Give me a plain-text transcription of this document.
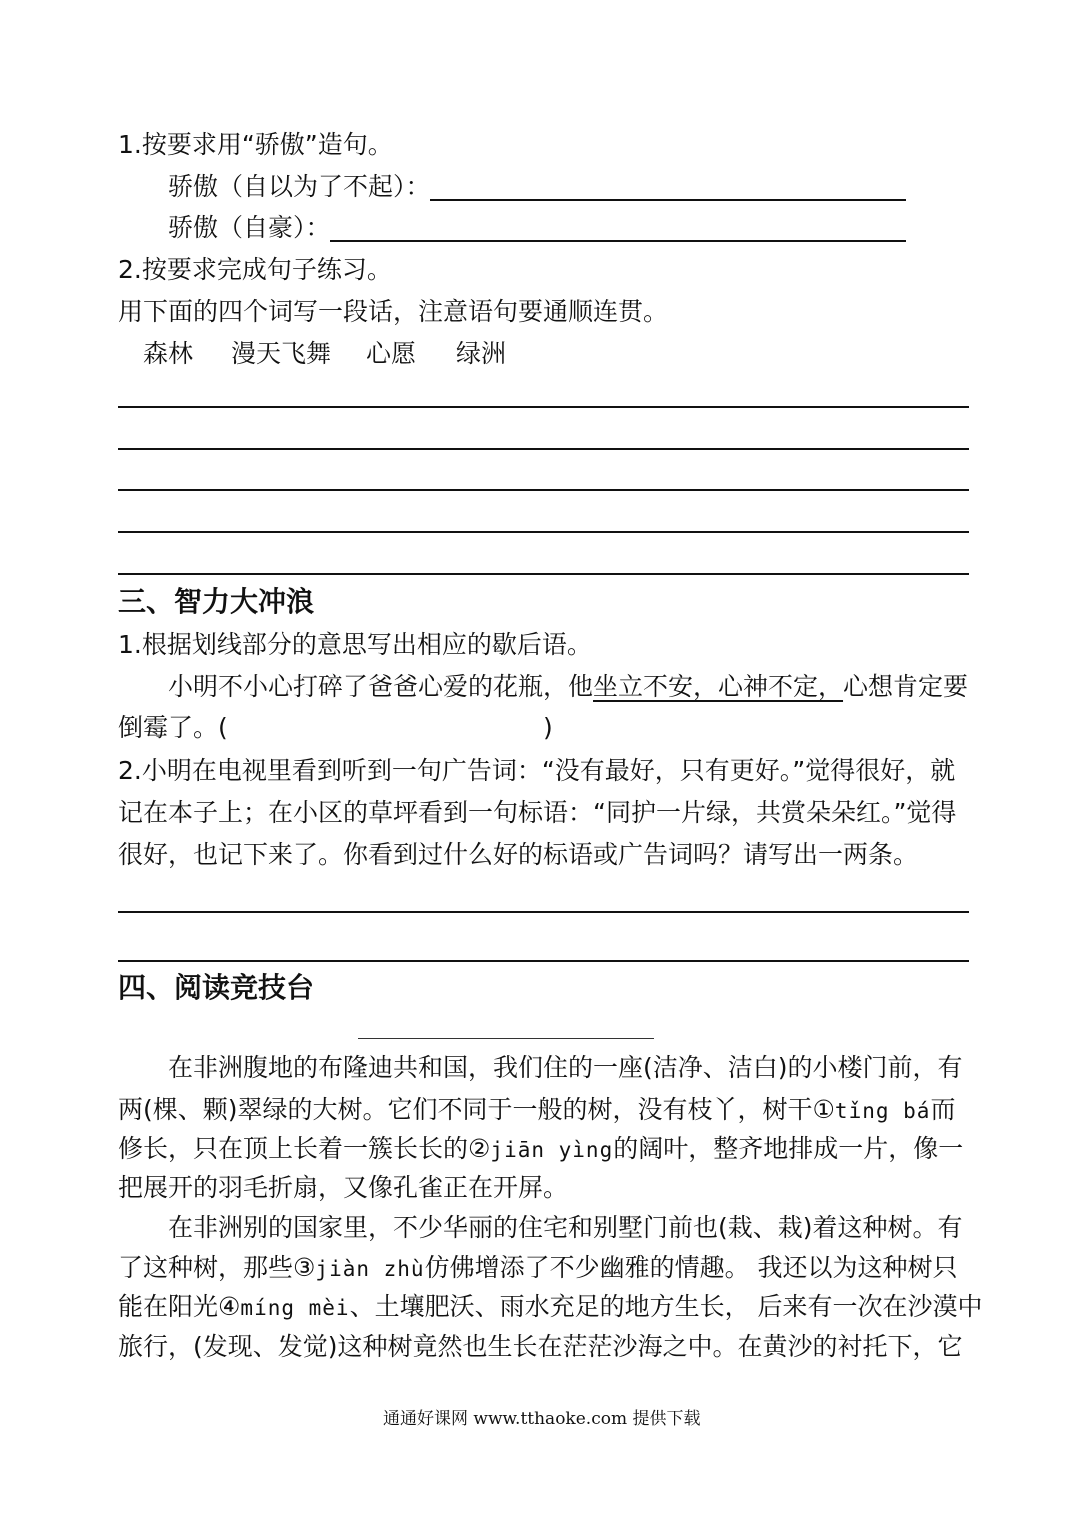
1.按要求用“骄傲”造句。
骄傲（自以为了不起）：
骄傲（自豪）：
2.按要求完成句子练习。
用下面的四个词写一段话，注意语句要通顺连贯。
森林 漫天飞舞 心愿 绿洲
三、智力大冲浪
1.根据划线部分的意思写出相应的歇后语。
小明不小心打碎了爸爸心爱的花瓶，他坐立不安，心神不定，心想肯定要
倒霉了。(	)
2.小明在电视里看到听到一句广告词：“没有最好，只有更好。”觉得很好，就
记在本子上；在小区的草坪看到一句标语：“同护一片绿，共赏朵朵红。”觉得
很好，也记下来了。你看到过什么好的标语或广告词吗？请写出一两条。
四、阅读竞技台
在非洲腹地的布隆迪共和国，我们住的一座(洁净、洁白)的小楼门前，有
两(棵、颗)翠绿的大树。它们不同于一般的树，没有枝丫，树干①tǐng bá而
修长，只在顶上长着一簇长长的②jiān yìng的阔叶，整齐地排成一片，像一
把展开的羽毛折扇，又像孔雀正在开屏。
在非洲别的国家里，不少华丽的住宅和别墅门前也(栽、栽)着这种树。有
了这种树，那些③jiàn zhù仿佛增添了不少幽雅的情趣。 我还以为这种树只
能在阳光④míng mèi、土壤肥沃、雨水充足的地方生长， 后来有一次在沙漠中
旅行，(发现、发觉)这种树竟然也生长在茫茫沙海之中。在黄沙的衬托下，它
通通好课网 www.tthaoke.com 提供下载
